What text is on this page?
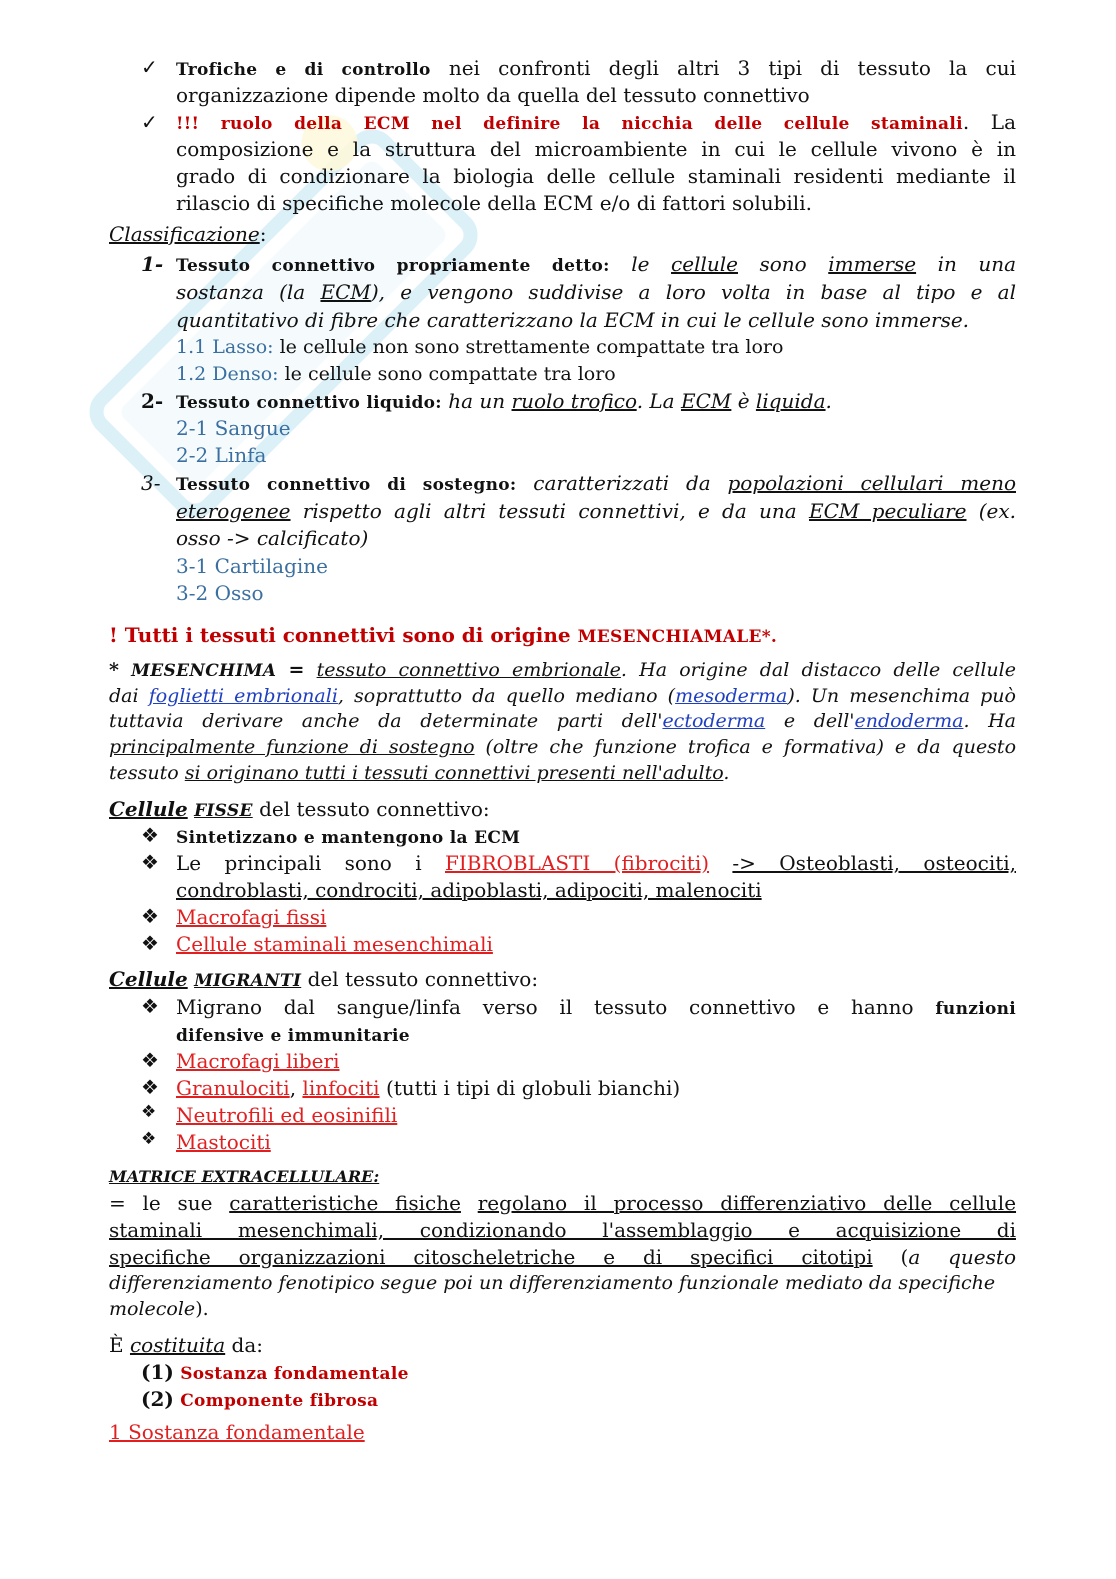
✓ Trofiche e di controllo nei confronti degli altri 3 tipi di tessuto la cui
organizzazione dipende molto da quella del tessuto connettivo
✓ !!! ruolo della ECM nel definire la nicchia delle cellule staminali. La
composizione e la struttura del microambiente in cui le cellule vivono è in
grado di condizionare la biologia delle cellule staminali residenti mediante il
rilascio di specifiche molecole della ECM e/o di fattori solubili.
Classificazione:
1- Tessuto connettivo propriamente detto: le cellule sono immerse in una
sostanza (la ECM), e vengono suddivise a loro volta in base al tipo e al
quantitativo di fibre che caratterizzano la ECM in cui le cellule sono immerse.
1.1 Lasso: le cellule non sono strettamente compattate tra loro
1.2 Denso: le cellule sono compattate tra loro
2- Tessuto connettivo liquido: ha un ruolo trofico. La ECM è liquida.
2-1 Sangue
2-2 Linfa
3- Tessuto connettivo di sostegno: caratterizzati da popolazioni cellulari meno
eterogenee rispetto agli altri tessuti connettivi, e da una ECM peculiare (ex.
osso -> calcificato)
3-1 Cartilagine
3-2 Osso
! Tutti i tessuti connettivi sono di origine MESENCHIAMALE*.
* MESENCHIMA = tessuto connettivo embrionale. Ha origine dal distacco delle cellule
dai foglietti embrionali, soprattutto da quello mediano (mesoderma). Un mesenchima può
tuttavia derivare anche da determinate parti dell'ectoderma e dell'endoderma. Ha
principalmente funzione di sostegno (oltre che funzione trofica e formativa) e da questo
tessuto si originano tutti i tessuti connettivi presenti nell'adulto.
Cellule FISSE del tessuto connettivo:
❖ Sintetizzano e mantengono la ECM
❖ Le principali sono i FIBROBLASTI (fibrociti) -> Osteoblasti, osteociti,
condroblasti, condrociti, adipoblasti, adipociti, malenociti
❖ Macrofagi fissi
❖ Cellule staminali mesenchimali
Cellule MIGRANTI del tessuto connettivo:
❖ Migrano dal sangue/linfa verso il tessuto connettivo e hanno funzioni
difensive e immunitarie
❖ Macrofagi liberi
❖ Granulociti, linfociti (tutti i tipi di globuli bianchi)
❖ Neutrofili ed eosinifili
❖ Mastociti
MATRICE EXTRACELLULARE:
= le sue caratteristiche fisiche regolano il processo differenziativo delle cellule
staminali mesenchimali, condizionando l'assemblaggio e acquisizione di
specifiche organizzazioni citoscheletriche e di specifici citotipi (a questo
differenziamento fenotipico segue poi un differenziamento funzionale mediato da specifiche
molecole).
È costituita da:
(1) Sostanza fondamentale
(2) Componente fibrosa
1 Sostanza fondamentale
